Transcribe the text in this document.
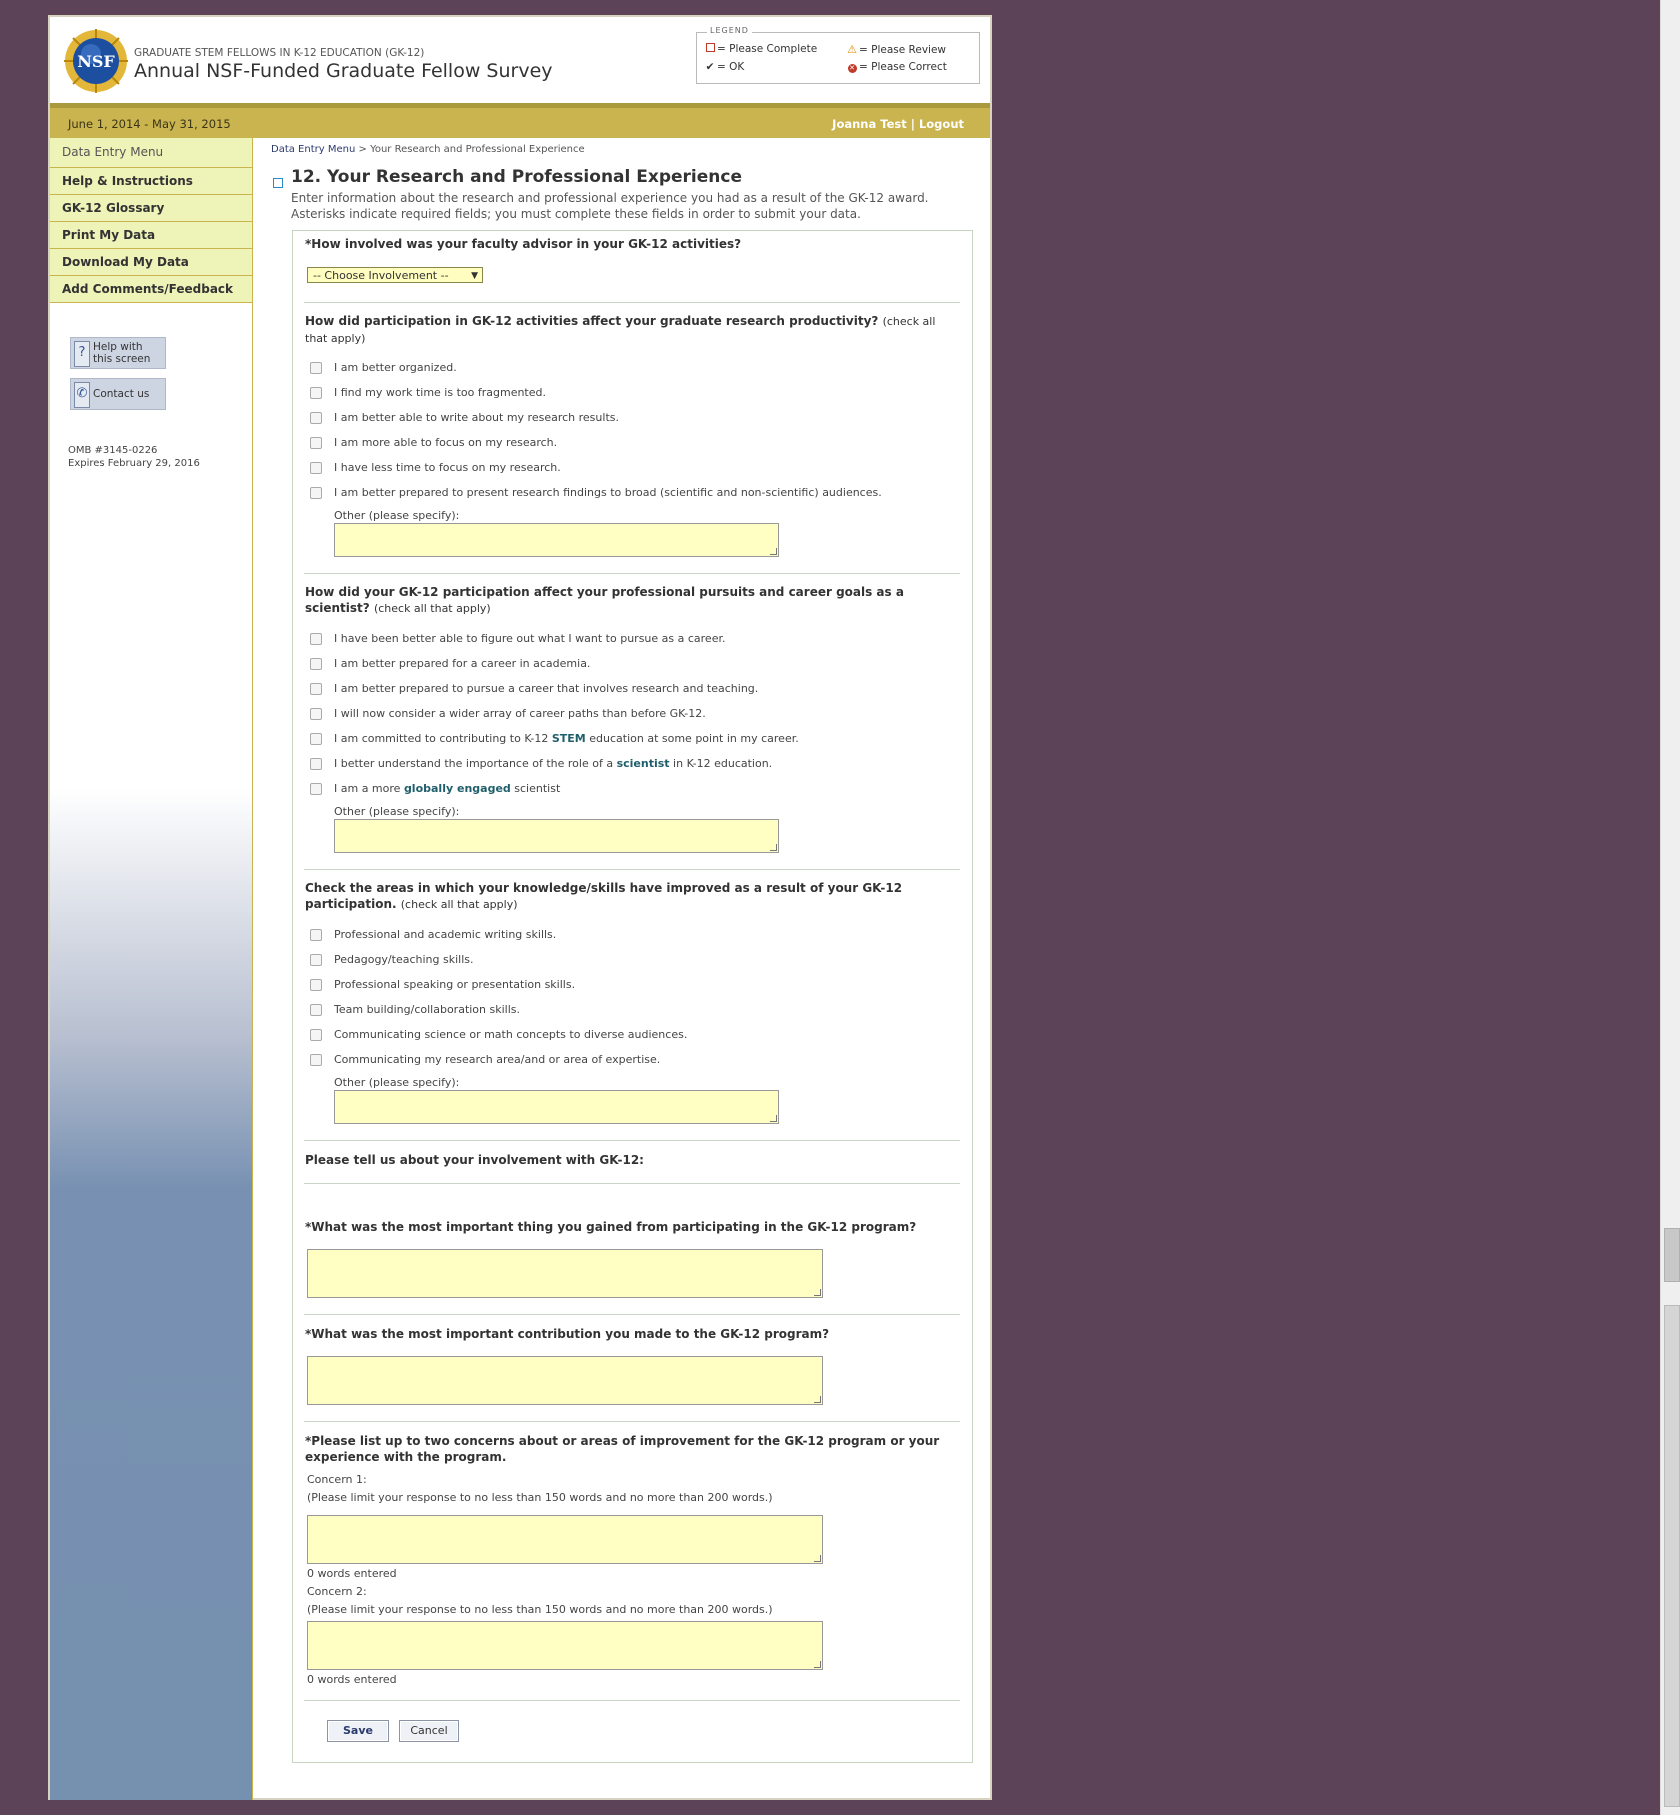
NSF GRADUATE STEM FELLOWS IN K-12 EDUCATION (GK-12)
Annual NSF-Funded Graduate Fellow Survey
LEGEND
= Please Complete	⚠ = Please Review
✔ = OK	✕ = Please Correct
June 1, 2014 - May 31, 2015	Joanna Test | Logout
Data Entry Menu
Help & Instructions
GK-12 Glossary
Print My Data
Download My Data
Add Comments/Feedback
? Help with
this screen
✆ Contact us
OMB #3145-0226
Expires February 29, 2016
Data Entry Menu > Your Research and Professional Experience
12. Your Research and Professional Experience
Enter information about the research and professional experience you had as a result of the GK-12 award.
Asterisks indicate required fields; you must complete these fields in order to submit your data.
*How involved was your faculty advisor in your GK-12 activities?
-- Choose Involvement --	▼
How did participation in GK-12 activities affect your graduate research productivity? (check all that apply)
I am better organized.
I find my work time is too fragmented.
I am better able to write about my research results.
I am more able to focus on my research.
I have less time to focus on my research.
I am better prepared to present research findings to broad (scientific and non-scientific) audiences.
Other (please specify):
How did your GK-12 participation affect your professional pursuits and career goals as a
scientist? (check all that apply)
I have been better able to figure out what I want to pursue as a career.
I am better prepared for a career in academia.
I am better prepared to pursue a career that involves research and teaching.
I will now consider a wider array of career paths than before GK-12.
I am committed to contributing to K-12 STEM education at some point in my career.
I better understand the importance of the role of a scientist in K-12 education.
I am a more globally engaged scientist
Other (please specify):
Check the areas in which your knowledge/skills have improved as a result of your GK-12
participation. (check all that apply)
Professional and academic writing skills.
Pedagogy/teaching skills.
Professional speaking or presentation skills.
Team building/collaboration skills.
Communicating science or math concepts to diverse audiences.
Communicating my research area/and or area of expertise.
Other (please specify):
Please tell us about your involvement with GK-12:
*What was the most important thing you gained from participating in the GK-12 program?
*What was the most important contribution you made to the GK-12 program?
*Please list up to two concerns about or areas of improvement for the GK-12 program or your
experience with the program.
Concern 1:
(Please limit your response to no less than 150 words and no more than 200 words.)
0 words entered
Concern 2:
(Please limit your response to no less than 150 words and no more than 200 words.)
0 words entered
Save	Cancel
